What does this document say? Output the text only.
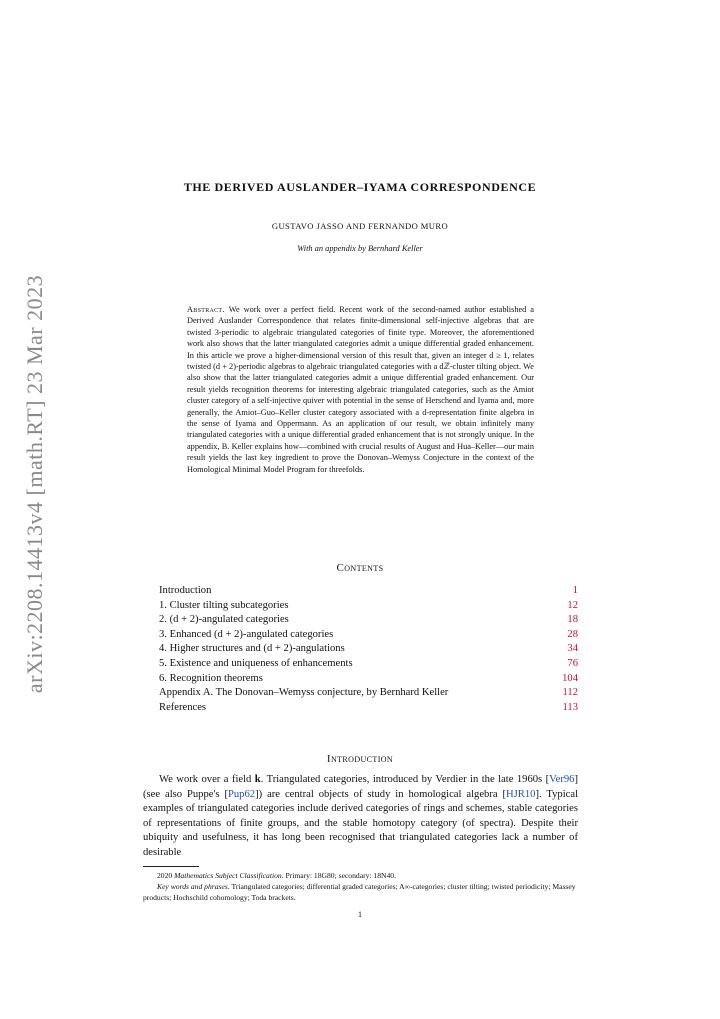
arXiv:2208.14413v4 [math.RT] 23 Mar 2023
THE DERIVED AUSLANDER–IYAMA CORRESPONDENCE
GUSTAVO JASSO AND FERNANDO MURO
With an appendix by Bernhard Keller
Abstract. We work over a perfect field. Recent work of the second-named author established a Derived Auslander Correspondence that relates finite-dimensional self-injective algebras that are twisted 3-periodic to algebraic triangulated categories of finite type. Moreover, the aforementioned work also shows that the latter triangulated categories admit a unique differential graded enhancement. In this article we prove a higher-dimensional version of this result that, given an integer d ≥ 1, relates twisted (d + 2)-periodic algebras to algebraic triangulated categories with a dℤ-cluster tilting object. We also show that the latter triangulated categories admit a unique differential graded enhancement. Our result yields recognition theorems for interesting algebraic triangulated categories, such as the Amiot cluster category of a self-injective quiver with potential in the sense of Herschend and Iyama and, more generally, the Amiot–Guo–Keller cluster category associated with a d-representation finite algebra in the sense of Iyama and Oppermann. As an application of our result, we obtain infinitely many triangulated categories with a unique differential graded enhancement that is not strongly unique. In the appendix, B. Keller explains how—combined with crucial results of August and Hua–Keller—our main result yields the last key ingredient to prove the Donovan–Wemyss Conjecture in the context of the Homological Minimal Model Program for threefolds.
Contents
Introduction	1
1. Cluster tilting subcategories	12
2. (d + 2)-angulated categories	18
3. Enhanced (d + 2)-angulated categories	28
4. Higher structures and (d + 2)-angulations	34
5. Existence and uniqueness of enhancements	76
6. Recognition theorems	104
Appendix A. The Donovan–Wemyss conjecture, by Bernhard Keller	112
References	113
Introduction

We work over a field k. Triangulated categories, introduced by Verdier in the late 1960s [Ver96] (see also Puppe's [Pup62]) are central objects of study in homological algebra [HJR10]. Typical examples of triangulated categories include derived categories of rings and schemes, stable categories of representations of finite groups, and the stable homotopy category (of spectra). Despite their ubiquity and usefulness, it has long been recognised that triangulated categories lack a number of desirable

2020 Mathematics Subject Classification. Primary: 18G80; secondary: 18N40.

Key words and phrases. Triangulated categories; differential graded categories; A∞-categories; cluster tilting; twisted periodicity; Massey products; Hochschild cohomology; Toda brackets.

1
